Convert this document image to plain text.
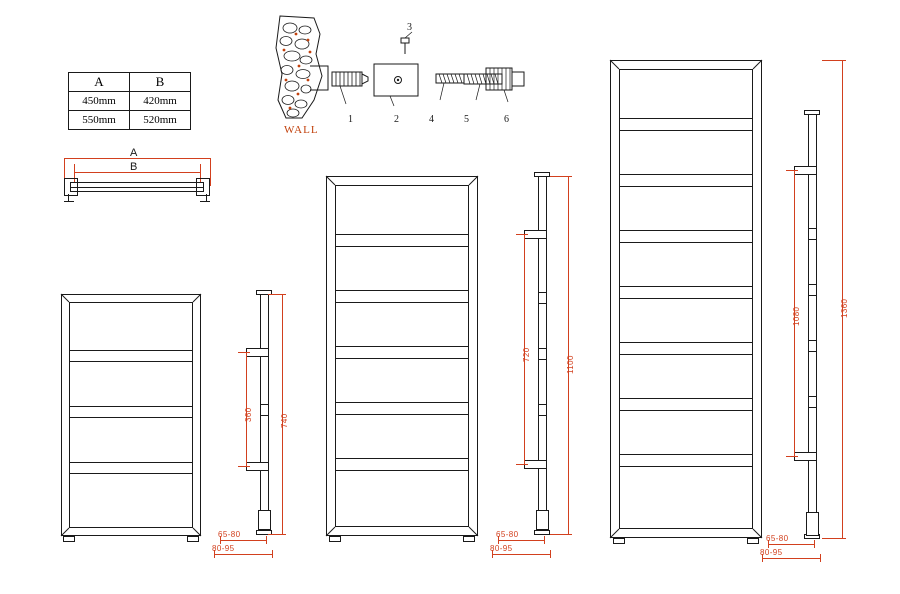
A	B
450mm	420mm
550mm	520mm
A
B
WALL
1	2
3
4	5	6
360	740
65-80
80-95
720
1100
65-80
80-95
1080	1360
65-80
80-95
